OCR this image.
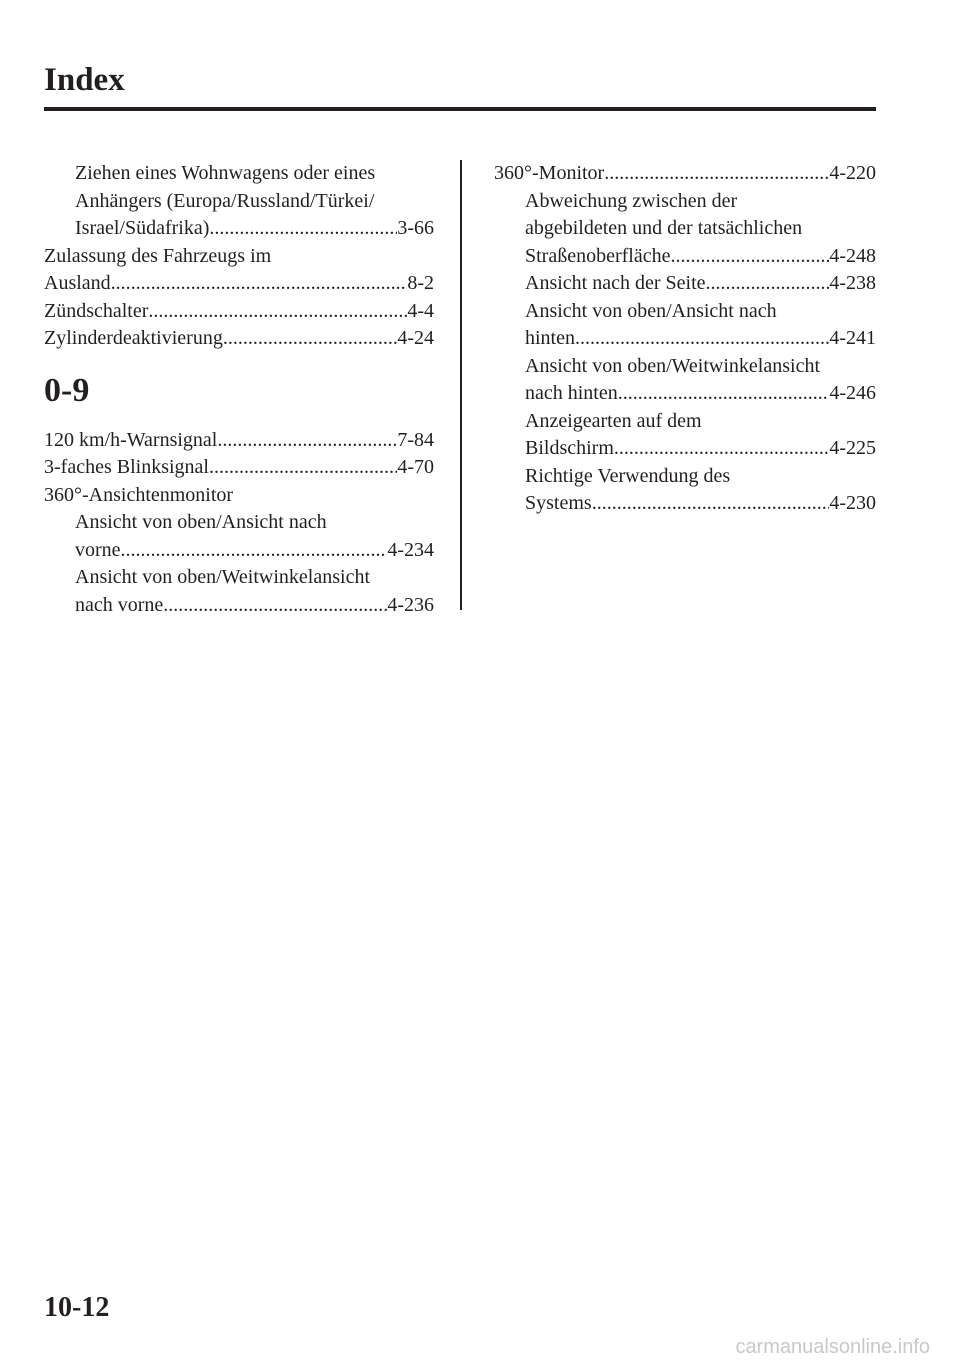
Index
Ziehen eines Wohnwagens oder eines
Anhängers (Europa/Russland/Türkei/
Israel/Südafrika) .....	3-66
Zulassung des Fahrzeugs im
Ausland .....	8-2
Zündschalter .....	4-4
Zylinderdeaktivierung .....	4-24
0-9
120 km/h-Warnsignal .....	7-84
3-faches Blinksignal .....	4-70
360°-Ansichtenmonitor
Ansicht von oben/Ansicht nach
vorne .....	4-234
Ansicht von oben/Weitwinkelansicht
nach vorne .....	4-236
360°-Monitor .....	4-220
Abweichung zwischen der
abgebildeten und der tatsächlichen
Straßenoberfläche .....	4-248
Ansicht nach der Seite .....	4-238
Ansicht von oben/Ansicht nach
hinten .....	4-241
Ansicht von oben/Weitwinkelansicht
nach hinten .....	4-246
Anzeigearten auf dem
Bildschirm .....	4-225
Richtige Verwendung des
Systems .....	4-230
10-12
carmanualsonline.info
